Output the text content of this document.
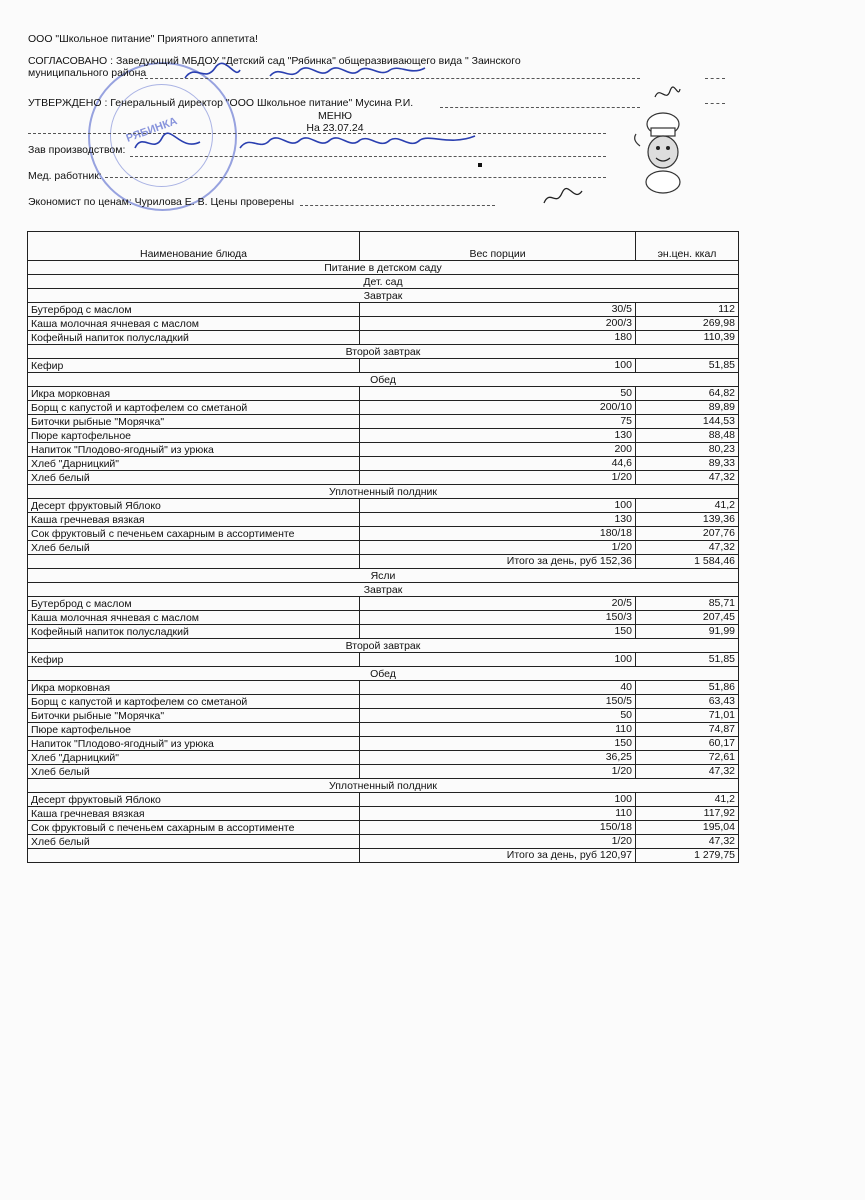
РЯБИНКА
ООО "Школьное питание" Приятного аппетита!
СОГЛАСОВАНО : Заведующий МБДОУ "Детский сад "Рябинка" общеразвивающего вида " Заинского
муниципального района
УТВЕРЖДЕНО : Генеральный директор "ООО Школьное питание" Мусина Р.И.
МЕНЮ
На 23.07.24
Зав производством:
Мед. работник:
Экономист по ценам: Чурилова Е. В. Цены проверены
Наименование блюда	Вес порции	эн.цен. ккал
Питание в детском саду		
Дет. сад		
Завтрак		
Бутерброд с маслом	30/5	112
Каша молочная ячневая с маслом	200/3	269,98
Кофейный напиток полусладкий	180	110,39
Второй завтрак		
Кефир	100	51,85
Обед		
Икра морковная	50	64,82
Борщ с капустой и картофелем со сметаной	200/10	89,89
Биточки рыбные "Морячка"	75	144,53
Пюре картофельное	130	88,48
Напиток "Плодово-ягодный" из урюка	200	80,23
Хлеб "Дарницкий"	44,6	89,33
Хлеб белый	1/20	47,32
Уплотненный полдник		
Десерт фруктовый Яблоко	100	41,2
Каша гречневая вязкая	130	139,36
Сок фруктовый с печеньем сахарным в ассортименте	180/18	207,76
Хлеб белый	1/20	47,32
	Итого за день, руб 152,36	1 584,46
Ясли		
Завтрак		
Бутерброд с маслом	20/5	85,71
Каша молочная ячневая с маслом	150/3	207,45
Кофейный напиток полусладкий	150	91,99
Второй завтрак		
Кефир	100	51,85
Обед		
Икра морковная	40	51,86
Борщ с капустой и картофелем со сметаной	150/5	63,43
Биточки рыбные "Морячка"	50	71,01
Пюре картофельное	110	74,87
Напиток "Плодово-ягодный" из урюка	150	60,17
Хлеб "Дарницкий"	36,25	72,61
Хлеб белый	1/20	47,32
Уплотненный полдник		
Десерт фруктовый Яблоко	100	41,2
Каша гречневая вязкая	110	117,92
Сок фруктовый с печеньем сахарным в ассортименте	150/18	195,04
Хлеб белый	1/20	47,32
	Итого за день, руб 120,97	1 279,75
